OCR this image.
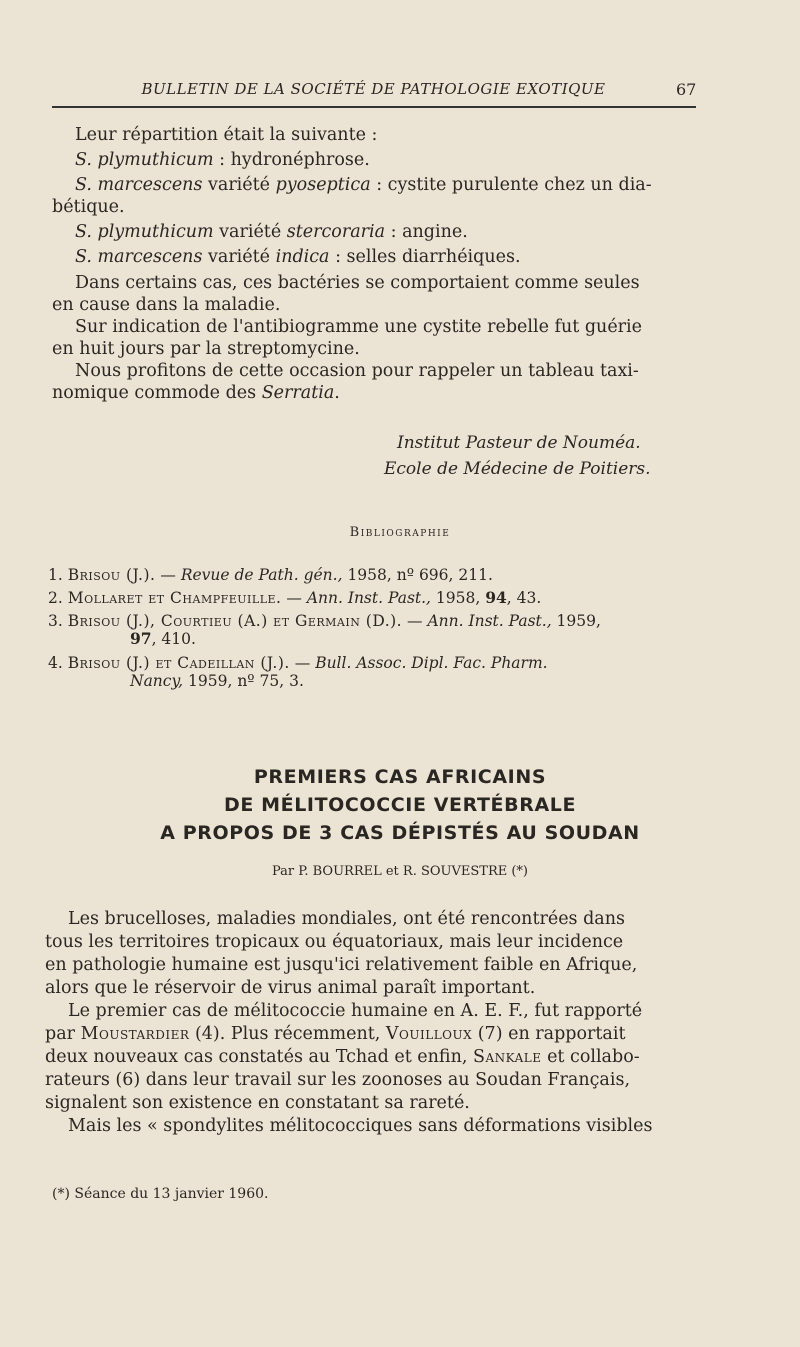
BULLETIN DE LA SOCIÉTÉ DE PATHOLOGIE EXOTIQUE	67
Leur répartition était la suivante :
S. plymuthicum : hydronéphrose.
S. marcescens variété pyoseptica : cystite purulente chez un dia-
bétique.
S. plymuthicum variété stercoraria : angine.
S. marcescens variété indica : selles diarrhéiques.
Dans certains cas, ces bactéries se comportaient comme seules
en cause dans la maladie.
Sur indication de l'antibiogramme une cystite rebelle fut guérie
en huit jours par la streptomycine.
Nous profitons de cette occasion pour rappeler un tableau taxi-
nomique commode des Serratia.
Institut Pasteur de Nouméa.
Ecole de Médecine de Poitiers.
Bibliographie
1. Brisou (J.). — Revue de Path. gén., 1958, nº 696, 211.
2. Mollaret et Champfeuille. — Ann. Inst. Past., 1958, 94, 43.
3. Brisou (J.), Courtieu (A.) et Germain (D.). — Ann. Inst. Past., 1959,
97, 410.
4. Brisou (J.) et Cadeillan (J.). — Bull. Assoc. Dipl. Fac. Pharm.
Nancy, 1959, nº 75, 3.
PREMIERS CAS AFRICAINS
DE MÉLITOCOCCIE VERTÉBRALE
A PROPOS DE 3 CAS DÉPISTÉS AU SOUDAN
Par P. BOURREL et R. SOUVESTRE (*)
Les brucelloses, maladies mondiales, ont été rencontrées dans
tous les territoires tropicaux ou équatoriaux, mais leur incidence
en pathologie humaine est jusqu'ici relativement faible en Afrique,
alors que le réservoir de virus animal paraît important.
Le premier cas de mélitococcie humaine en A. E. F., fut rapporté
par Moustardier (4). Plus récemment, Vouilloux (7) en rapportait
deux nouveaux cas constatés au Tchad et enfin, Sankale et collabo-
rateurs (6) dans leur travail sur les zoonoses au Soudan Français,
signalent son existence en constatant sa rareté.
Mais les « spondylites mélitococciques sans déformations visibles
(*) Séance du 13 janvier 1960.
